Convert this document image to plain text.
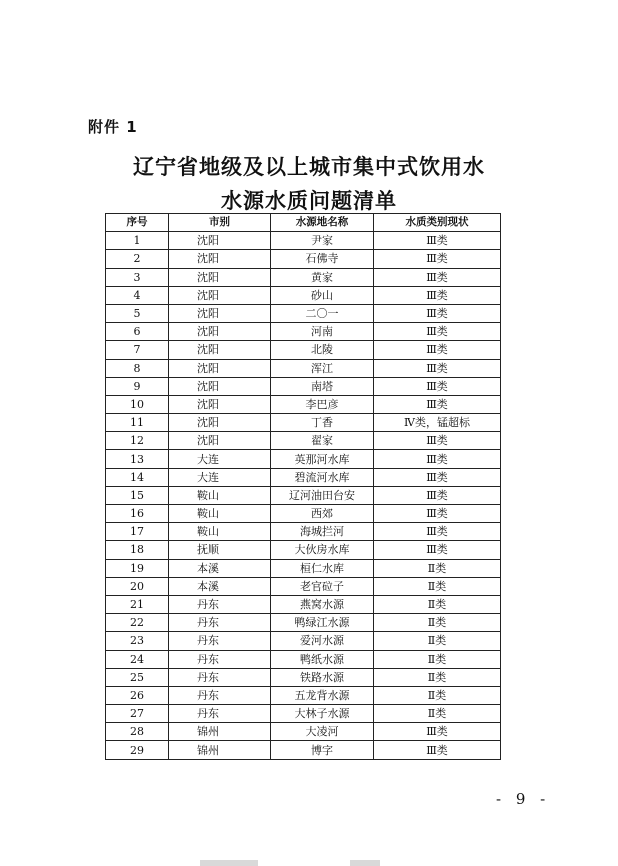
附件 1
辽宁省地级及以上城市集中式饮用水
水源水质问题清单
序号	市别	水源地名称	水质类别现状
1	沈阳	尹家	Ⅲ类
2	沈阳	石佛寺	Ⅲ类
3	沈阳	黄家	Ⅲ类
4	沈阳	砂山	Ⅲ类
5	沈阳	二〇一	Ⅲ类
6	沈阳	河南	Ⅲ类
7	沈阳	北陵	Ⅲ类
8	沈阳	浑江	Ⅲ类
9	沈阳	南塔	Ⅲ类
10	沈阳	李巴彦	Ⅲ类
11	沈阳	丁香	Ⅳ类，锰超标
12	沈阳	翟家	Ⅲ类
13	大连	英那河水库	Ⅲ类
14	大连	碧流河水库	Ⅲ类
15	鞍山	辽河油田台安	Ⅲ类
16	鞍山	西郊	Ⅲ类
17	鞍山	海城拦河	Ⅲ类
18	抚顺	大伙房水库	Ⅲ类
19	本溪	桓仁水库	Ⅱ类
20	本溪	老官砬子	Ⅱ类
21	丹东	燕窝水源	Ⅱ类
22	丹东	鸭绿江水源	Ⅱ类
23	丹东	爱河水源	Ⅱ类
24	丹东	鸭纸水源	Ⅱ类
25	丹东	铁路水源	Ⅱ类
26	丹东	五龙背水源	Ⅱ类
27	丹东	大林子水源	Ⅱ类
28	锦州	大凌河	Ⅲ类
29	锦州	博字	Ⅲ类
- 9 -
